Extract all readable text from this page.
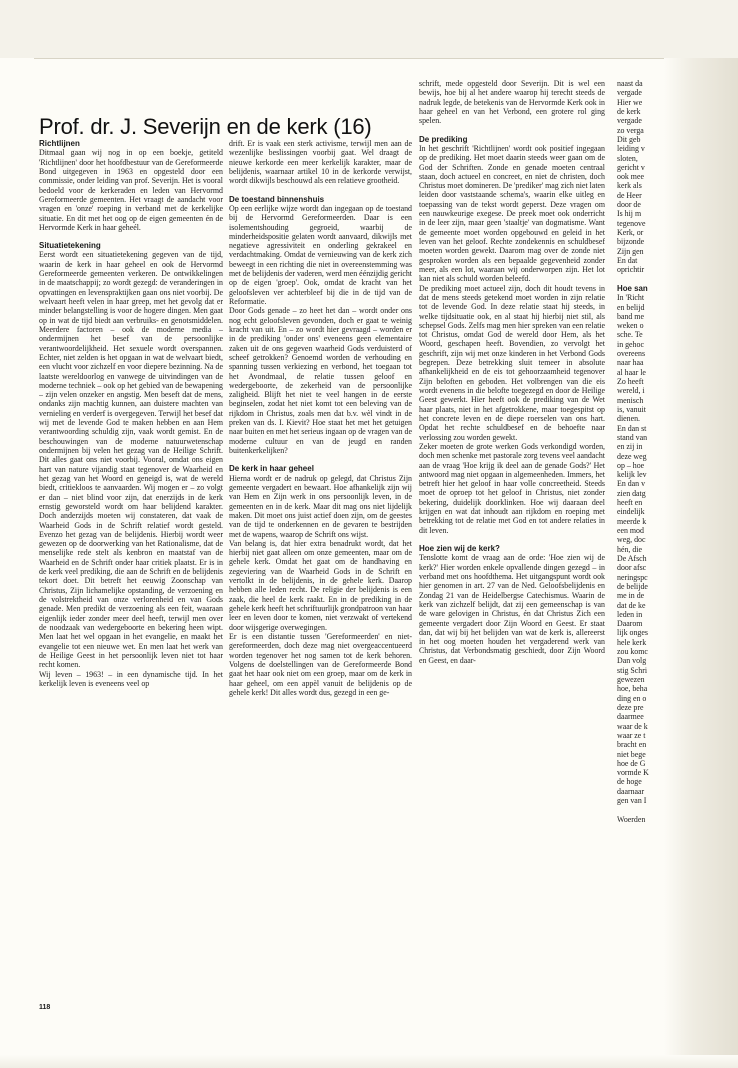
Prof. dr. J. Severijn en de kerk (16)
Richtlijnen

Ditmaal gaan wij nog in op een boekje, getiteld 'Richtlijnen' door het hoofdbestuur van de Gereformeerde Bond uitgegeven in 1963 en opgesteld door een commissie, onder leiding van prof. Severijn. Het is vooral bedoeld voor de kerkeraden en leden van Hervormd Gereformeerde gemeenten. Het vraagt de aandacht voor vragen en 'onze' roeping in verband met de kerkelijke situatie. En dit met het oog op de eigen gemeenten én de Hervormde Kerk in haar geheél.

Situatietekening

Eerst wordt een situatietekening gegeven van de tijd, waarin de kerk in haar geheel en ook de Hervormd Gereformeerde gemeenten verkeren. De ontwikkelingen in de maatschappij; zo wordt gezegd: de veranderingen in opvattingen en levenspraktijken gaan ons niet voorbij. De welvaart heeft velen in haar greep, met het gevolg dat er minder belangstelling is voor de hogere dingen. Men gaat op in wat de tijd biedt aan verbruiks- en genotsmiddelen. Meerdere factoren – ook de moderne media – ondermijnen het besef van de persoonlijke verantwoordelijkheid. Het sexuele wordt overspannen. Echter, niet zelden is het opgaan in wat de welvaart biedt, een vlucht voor zichzelf en voor diepere bezinning. Na de laatste wereldoorlog en vanwege de uitvindingen van de moderne techniek – ook op het gebied van de bewapening – zijn velen onzeker en angstig. Men beseft dat de mens, ondanks zijn machtig kunnen, aan duistere machten van vernieling en verderf is overgegeven. Terwijl het besef dat wij met de levende God te maken hebben en aan Hem verantwoording schuldig zijn, vaak wordt gemist. En de beschouwingen van de moderne natuurwetenschap ondermijnen bij velen het gezag van de Heilige Schrift. Dit alles gaat ons niet voorbij. Vooral, omdat ons eigen hart van nature vijandig staat tegenover de Waarheid en het gezag van het Woord en geneigd is, wat de wereld biedt, critiekloos te aanvaarden. Wij mogen er – zo volgt er dan – niet blind voor zijn, dat enerzijds in de kerk ernstig geworsteld wordt om haar belijdend karakter. Doch anderzijds moeten wij constateren, dat vaak de Waarheid Gods in de Schrift relatief wordt gesteld. Evenzo het gezag van de belijdenis. Hierbij wordt weer gewezen op de doorwerking van het Rationalisme, dat de menselijke rede stelt als kenbron en maatstaf van de Waarheid en de Schrift onder haar critiek plaatst. Er is in de kerk veel prediking, die aan de Schrift en de belijdenis tekort doet. Dit betreft het eeuwig Zoonschap van Christus, Zijn lichamelijke opstanding, de verzoening en de volstrektheid van onze verlorenheid en van Gods genade. Men predikt de verzoening als een feit, waaraan eigenlijk ieder zonder meer deel heeft, terwijl men over de noodzaak van wedergeboorte en bekering heen wipt. Men laat het wel opgaan in het evangelie, en maakt het evangelie tot een nieuwe wet. En men laat het werk van de Heilige Geest in het persoonlijk leven niet tot haar recht komen.

Wij leven – 1963! – in een dynamische tijd. In het kerkelijk leven is eveneens veel op

drift. Er is vaak een sterk activisme, terwijl men aan de wezenlijke beslissingen voorbij gaat. Wel draagt de nieuwe kerkorde een meer kerkelijk karakter, maar de belijdenis, waarnaar artikel 10 in de kerkorde verwijst, wordt dikwijls beschouwd als een relatieve grootheid.

De toestand binnenshuis

Op een eerlijke wijze wordt dan ingegaan op de toestand bij de Hervormd Gereformeerden. Daar is een isolementshouding gegroeid, waarbij de minderheidspositie gelaten wordt aanvaard, dikwijls met negatieve agressiviteit en onderling gekrakeel en verdachtmaking. Omdat de vernieuwing van de kerk zich beweegt in een richting die niet in overeenstemming was met de belijdenis der vaderen, werd men éénzijdig gericht op de eigen 'groep'. Ook, omdat de kracht van het geloofsleven ver achterbleef bij die in de tijd van de Reformatie.

Door Gods genade – zo heet het dan – wordt onder ons nog echt geloofsleven gevonden, doch er gaat te weinig kracht van uit. En – zo wordt hier gevraagd – worden er in de prediking 'onder ons' eveneens geen elementaire zaken uit de ons gegeven waarheid Gods verduisterd of scheef getrokken? Genoemd worden de verhouding en spanning tussen verkiezing en verbond, het toegaan tot het Avondmaal, de relatie tussen geloof en wedergeboorte, de zekerheid van de persoonlijke zaligheid. Blijft het niet te veel hangen in de eerste beginselen, zodat het niet komt tot een beleving van de rijkdom in Christus, zoals men dat b.v. wèl vindt in de preken van ds. I. Kievit? Hoe staat het met het getuigen naar buiten en met het serieus ingaan op de vragen van de moderne cultuur en van de jeugd en randen buitenkerkelijken?

De kerk in haar geheel

Hierna wordt er de nadruk op gelegd, dat Christus Zijn gemeente vergadert en bewaart. Hoe afhankelijk zijn wij van Hem en Zijn werk in ons persoonlijk leven, in de gemeenten en in de kerk. Maar dit mag ons niet lijdelijk maken. Dit moet ons juist actief doen zijn, om de geestes van de tijd te onderkennen en de gevaren te bestrijden met de wapens, waarop de Schrift ons wijst.

Van belang is, dat hier extra benadrukt wordt, dat het hierbij niet gaat alleen om onze gemeenten, maar om de gehele kerk. Omdat het gaat om de handhaving en zegeviering van de Waarheid Gods in de Schrift en vertolkt in de belijdenis, in de gehele kerk. Daarop hebben alle leden recht. De religie der belijdenis is een zaak, die heel de kerk raakt. En in de prediking in de gehele kerk heeft het schriftuurlijk grondpatroon van haar leer en leven door te komen, niet verzwakt of vertekend door wijsgerige overwegingen.

Er is een distantie tussen 'Gereformeerden' en niet-gereformeerden, doch deze mag niet overgeaccentueerd worden tegenover het nog samen tot de kerk behoren. Volgens de doelstellingen van de Gereformeerde Bond gaat het haar ook niet om een groep, maar om de kerk in haar geheel, om een appèl vanuit de belijdenis op de gehele kerk! Dit alles wordt dus, gezegd in een ge-

schrift, mede opgesteld door Severijn. Dit is wel een bewijs, hoe bij al het andere waarop hij terecht steeds de nadruk legde, de betekenis van de Hervormde Kerk ook in haar geheel en van het Verbond, een grotere rol ging spelen.

De prediking

In het geschrift 'Richtlijnen' wordt ook positief ingegaan op de prediking. Het moet daarin steeds weer gaan om de God der Schriften. Zonde en genade moeten centraal staan, doch actueel en concreet, en niet de christen, doch Christus moet domineren. De 'prediker' mag zich niet laten leiden door vaststaande schema's, waarin elke uitleg en toepassing van de tekst wordt geperst. Deze vragen om een nauwkeurige exegese. De preek moet ook onderricht in de leer zijn, maar geen 'staaltje' van dogmatisme. Want de gemeente moet worden opgebouwd en geleid in het leven van het geloof. Rechte zondekennis en schuldbesef moeten worden gewekt. Daarom mag over de zonde niet gesproken worden als een bepaalde gegevenheid zonder meer, als een lot, waaraan wij onderworpen zijn. Het lot kan niet als schuld worden beleefd.

De prediking moet actueel zijn, doch dit houdt tevens in dat de mens steeds getekend moet worden in zijn relatie tot de levende God. In deze relatie staat hij steeds, in welke tijdsituatie ook, en al staat hij hierbij niet stil, als schepsel Gods. Zelfs mag men hier spreken van een relatie tot Christus, omdat God de wereld door Hem, als het Woord, geschapen heeft. Bovendien, zo vervolgt het geschrift, zijn wij met onze kinderen in het Verbond Gods begrepen. Deze betrekking sluit temeer in absolute afhankelijkheid en de eis tot gehoorzaamheid tegenover Zijn beloften en geboden. Het volbrengen van die eis wordt evenens in die belofte toegezegd en door de Heilige Geest gewerkt. Hier heeft ook de prediking van de Wet haar plaats, niet in het afgetrokkene, maar toegespitst op het concrete leven en de diepe roerselen van ons hart. Opdat het rechte schuldbesef en de behoefte naar verlossing zou worden gewekt.

Zeker moeten de grote werken Gods verkondigd worden, doch men schenke met pastorale zorg tevens veel aandacht aan de vraag 'Hoe krijg ik deel aan de genade Gods?' Het antwoord mag niet opgaan in algemeenheden. Immers, het betreft hier het geloof in haar volle concreetheid. Steeds moet de oproep tot het geloof in Christus, niet zonder bekering, duidelijk doorklinken. Hoe wij daaraan deel krijgen en wat dat inhoudt aan rijkdom en roeping met betrekking tot de relatie met God en tot andere relaties in dit leven.

Hoe zien wij de kerk?

Tenslotte komt de vraag aan de orde: 'Hoe zien wij de kerk?' Hier worden enkele opvallende dingen gezegd – in verband met ons hoofdthema. Het uitgangspunt wordt ook hier genomen in art. 27 van de Ned. Geloofsbelijdenis en Zondag 21 van de Heidelbergse Catechismus. Waarin de kerk van zichzelf belijdt, dat zij een gemeenschap is van de ware gelovigen in Christus, én dat Christus Zich een gemeente vergadert door Zijn Woord en Geest. Er staat dan, dat wij bij het belijden van wat de kerk is, allereerst in het oog moeten houden het vergaderend werk van Christus, dat Verbondsmatig geschiedt, door Zijn Woord en Geest, en daar-

naast da
vergade
Hier we
de kerk
vergade
zo verga
Dit geb
leiding v
sloten,
gericht v
ook mee
kerk als
de Heer
door de
Is hij m
tegenove
Kerk, or
bijzonde
Zijn gen
En dat
oprichtir

Hoe san
In 'Richt
en belijd
band me
weken o
sche. Te
in gehoc
overeens
naar haa
al haar le
Zo heeft
wereld, i
menisch
is, vanuit
dienen.
En dan st
stand van
en zij in
deze weg
op – hoe
kelijk lev
En dan v
zien datg
heeft en
eindelijk
meerde k
een mod
weg, doc
hén, die
De Afsch
door afsc
neringspc
de belijde
me in de
dat de ke
leden in
Daarom
lijk onges
hele kerk
zou komc
Dan volg
stig Schri
gewezen
hoe, beha
ding en o
deze pre
daarmee
waar de k
waar ze t
bracht en
niet bege
hoe de G
vormde K
de hoge
daarnaar
gen van I

Woerden
118
